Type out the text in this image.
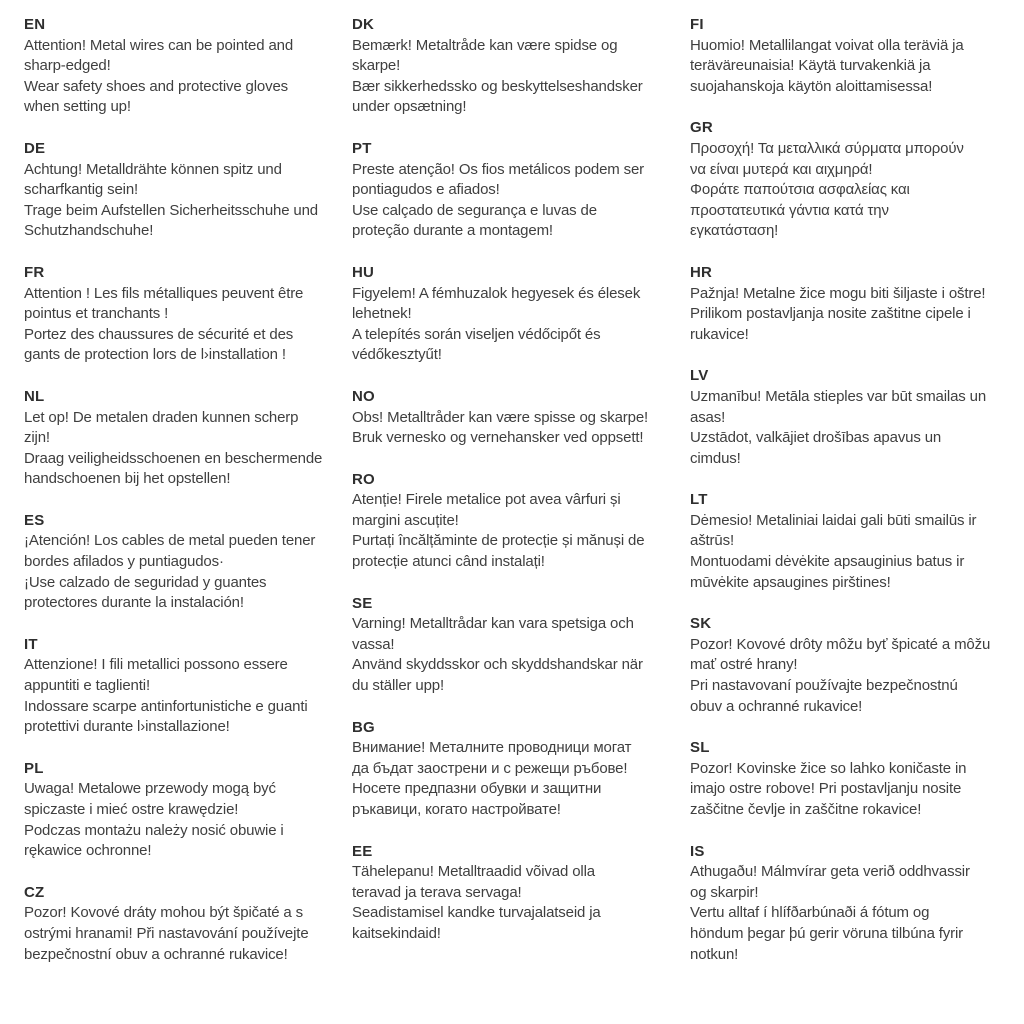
EN
Attention! Metal wires can be pointed and
sharp-edged!
Wear safety shoes and protective gloves
when setting up!
DE
Achtung! Metalldrähte können spitz und
scharfkantig sein!
Trage beim Aufstellen Sicherheitsschuhe und
Schutzhandschuhe!
FR
Attention ! Les fils métalliques peuvent être
pointus et tranchants !
Portez des chaussures de sécurité et des
gants de protection lors de l›installation !
NL
Let op! De metalen draden kunnen scherp
zijn!
Draag veiligheidsschoenen en beschermende
handschoenen bij het opstellen!
ES
¡Atención! Los cables de metal pueden tener
bordes afilados y puntiagudos·
¡Use calzado de seguridad y guantes
protectores durante la instalación!
IT
Attenzione! I fili metallici possono essere
appuntiti e taglienti!
Indossare scarpe antinfortunistiche e guanti
protettivi durante l›installazione!
PL
Uwaga! Metalowe przewody mogą być
spiczaste i mieć ostre krawędzie!
Podczas montażu należy nosić obuwie i
rękawice ochronne!
CZ
Pozor! Kovové dráty mohou být špičaté a s
ostrými hranami! Při nastavování používejte
bezpečnostní obuv a ochranné rukavice!
DK
Bemærk! Metaltråde kan være spidse og
skarpe!
Bær sikkerhedssko og beskyttelseshandsker
under opsætning!
PT
Preste atenção! Os fios metálicos podem ser
pontiagudos e afiados!
Use calçado de segurança e luvas de
proteção durante a montagem!
HU
Figyelem! A fémhuzalok hegyesek és élesek
lehetnek!
A telepítés során viseljen védőcipőt és
védőkesztyűt!
NO
Obs! Metalltråder kan være spisse og skarpe!
Bruk vernesko og vernehansker ved oppsett!
RO
Atenție! Firele metalice pot avea vârfuri și
margini ascuțite!
Purtați încălțăminte de protecție și mănuși de
protecție atunci când instalați!
SE
Varning! Metalltrådar kan vara spetsiga och
vassa!
Använd skyddsskor och skyddshandskar när
du ställer upp!
BG
Внимание! Металните проводници могат
да бъдат заострени и с режещи ръбове!
Носете предпазни обувки и защитни
ръкавици, когато настройвате!
EE
Tähelepanu! Metalltraadid võivad olla
teravad ja terava servaga!
Seadistamisel kandke turvajalatseid ja
kaitsekindaid!
FI
Huomio! Metallilangat voivat olla teräviä ja
teräväreunaisia! Käytä turvakenkiä ja
suojahanskoja käytön aloittamisessa!
GR
Προσοχή! Τα μεταλλικά σύρματα μπορούν
να είναι μυτερά και αιχμηρά!
Φοράτε παπούτσια ασφαλείας και
προστατευτικά γάντια κατά την
εγκατάσταση!
HR
Pažnja! Metalne žice mogu biti šiljaste i oštre!
Prilikom postavljanja nosite zaštitne cipele i
rukavice!
LV
Uzmanību! Metāla stieples var būt smailas un
asas!
Uzstādot, valkājiet drošības apavus un
cimdus!
LT
Dėmesio! Metaliniai laidai gali būti smailūs ir
aštrūs!
Montuodami dėvėkite apsauginius batus ir
mūvėkite apsaugines pirštines!
SK
Pozor! Kovové drôty môžu byť špicaté a môžu
mať ostré hrany!
Pri nastavovaní používajte bezpečnostnú
obuv a ochranné rukavice!
SL
Pozor! Kovinske žice so lahko koničaste in
imajo ostre robove! Pri postavljanju nosite
zaščitne čevlje in zaščitne rokavice!
IS
Athugaðu! Málmvírar geta verið oddhvassir
og skarpir!
Vertu alltaf í hlífðarbúnaði á fótum og
höndum þegar þú gerir vöruna tilbúna fyrir
notkun!
